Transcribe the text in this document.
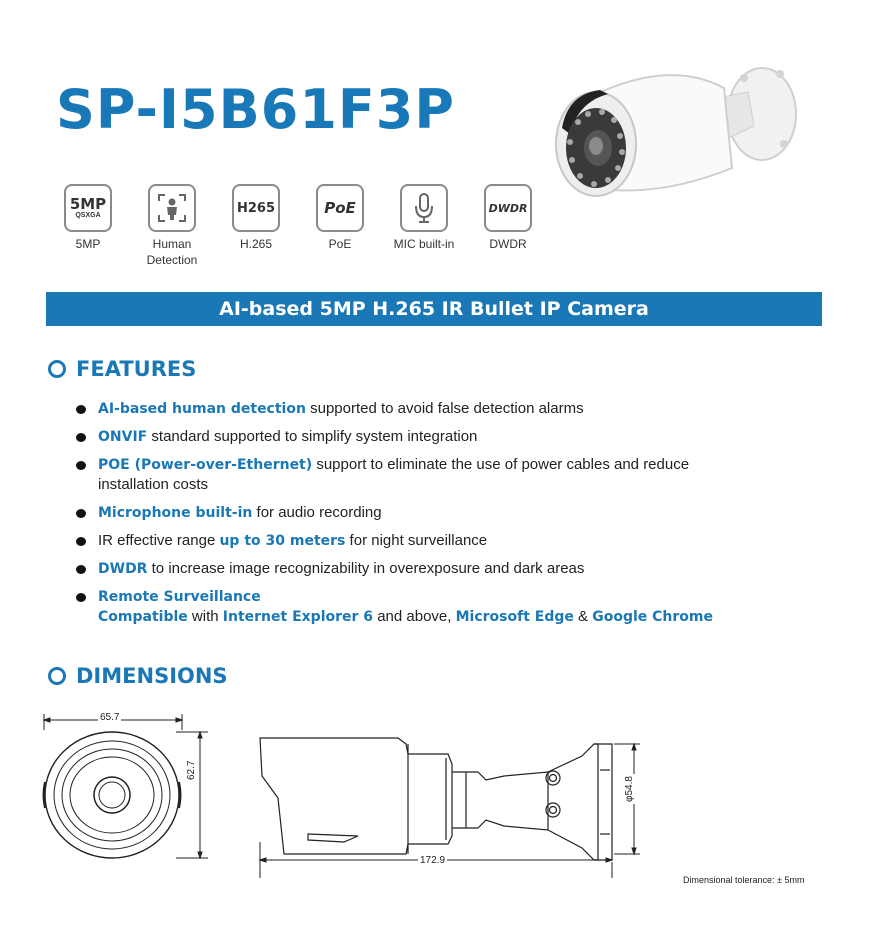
SP-I5B61F3P
5MP
QSXGA
5MP	Human
Detection
H265
H.265
PoE
PoE	MIC built-in
DWDR
DWDR
AI-based 5MP H.265 IR Bullet IP Camera
FEATURES
AI-based human detection supported to avoid false detection alarms
ONVIF standard supported to simplify system integration
POE (Power-over-Ethernet) support to eliminate the use of power cables and reduce
installation costs
Microphone built-in for audio recording
IR effective range up to 30 meters for night surveillance
DWDR to increase image recognizability in overexposure and dark areas
Remote Surveillance
Compatible with Internet Explorer 6 and above, Microsoft Edge & Google Chrome
DIMENSIONS
65.7
62.7
172.9
φ54.8
Dimensional tolerance: ± 5mm
